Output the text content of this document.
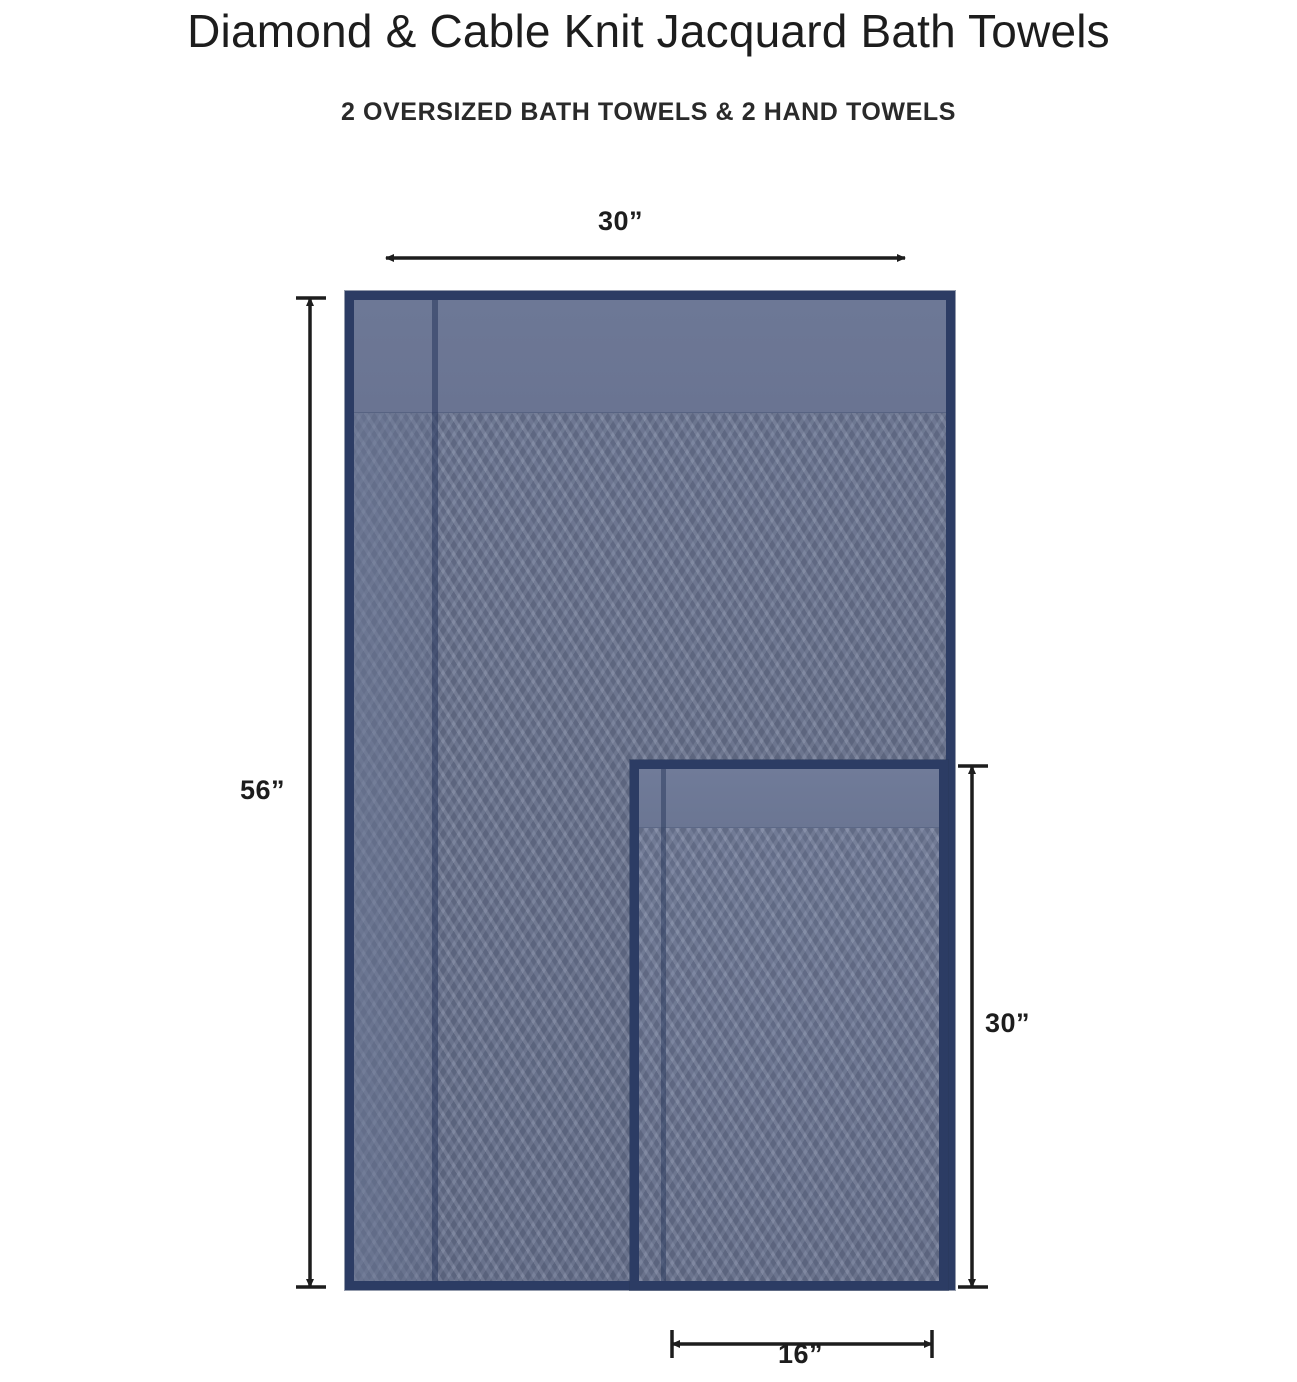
Diamond & Cable Knit Jacquard Bath Towels
2 OVERSIZED BATH TOWELS & 2 HAND TOWELS
30”
56”
30”
16”
